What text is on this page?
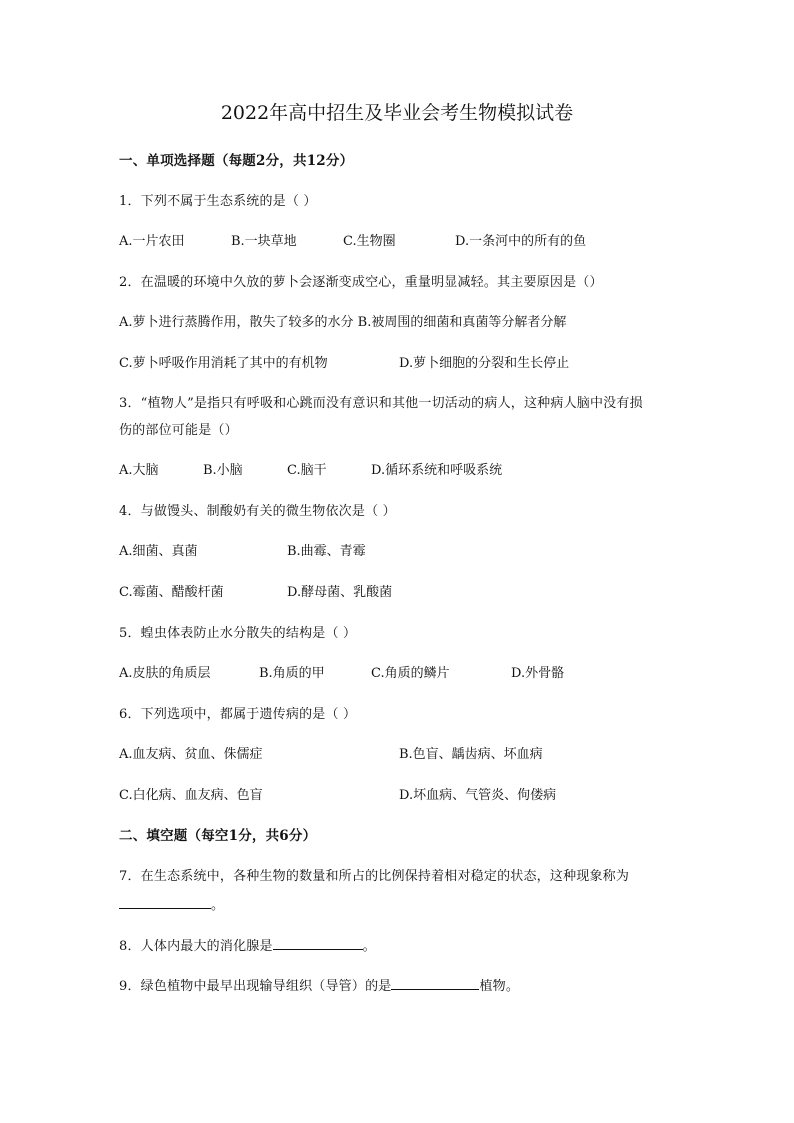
2022年高中招生及毕业会考生物模拟试卷
一、单项选择题（每题2分，共12分）
1．下列不属于生态系统的是（ ）
A.一片农田	B.一块草地	C.生物圈	D.一条河中的所有的鱼
2．在温暖的环境中久放的萝卜会逐渐变成空心，重量明显减轻。其主要原因是（）
A.萝卜进行蒸腾作用，散失了较多的水分 B.被周围的细菌和真菌等分解者分解
C.萝卜呼吸作用消耗了其中的有机物	D.萝卜细胞的分裂和生长停止
3．“植物人”是指只有呼吸和心跳而没有意识和其他一切活动的病人，这种病人脑中没有损
伤的部位可能是（）
A.大脑	B.小脑	C.脑干	D.循环系统和呼吸系统
4．与做馒头、制酸奶有关的微生物依次是（ ）
A.细菌、真菌	B.曲霉、青霉
C.霉菌、醋酸杆菌	D.酵母菌、乳酸菌
5．蝗虫体表防止水分散失的结构是（ ）
A.皮肤的角质层	B.角质的甲	C.角质的鳞片	D.外骨骼
6．下列选项中，都属于遗传病的是（ ）
A.血友病、贫血、侏儒症	B.色盲、龋齿病、坏血病
C.白化病、血友病、色盲	D.坏血病、气管炎、佝偻病
二、填空题（每空1分，共6分）
7．在生态系统中，各种生物的数量和所占的比例保持着相对稳定的状态，这种现象称为
。
8．人体内最大的消化腺是	。
9．绿色植物中最早出现输导组织（导管）的是	植物。
